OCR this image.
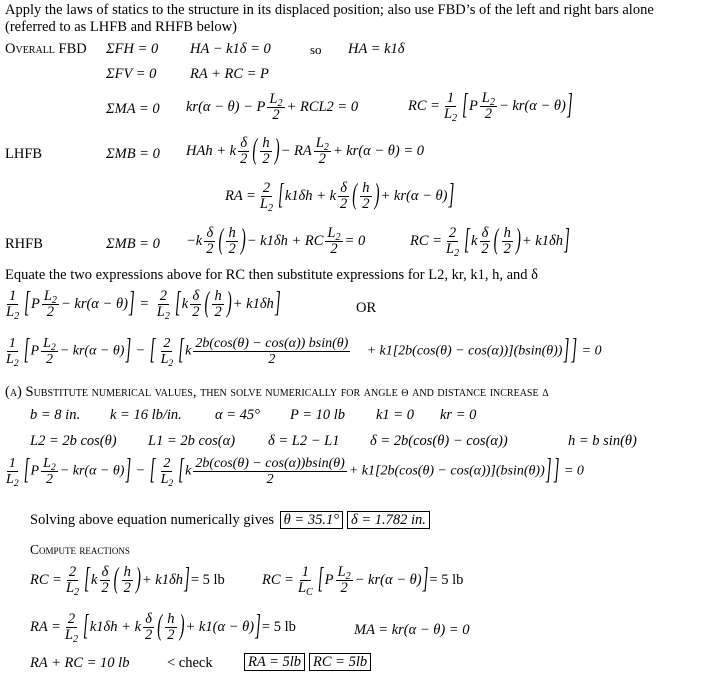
Apply the laws of statics to the structure in its displaced position; also use FBD’s of the left and right bars alone
(referred to as LHFB and RHFB below)
Overall FBD ΣFH = 0 HA − k1δ = 0	so HA = k1δ
ΣFV = 0 RA + RC = P
ΣMA = 0 kr(α − θ) − P $\frac{L_2}{2} + RCL2 = 0$	RC = $\frac{1}{L_2} [P \frac{L_2}{2} - kr(\alpha - \theta)]$
LHFB	ΣMB = 0 HAh + k $\frac{\delta}{2}$ ( $\frac{h}{2}$ )− RA $\frac{L_2}{2} + kr(\alpha - \theta) = 0$
RA = $\frac{2}{L_2} [k1\delta h + k \frac{\delta}{2}$ ( $\frac{h}{2}$ )+ kr(α − θ)]
RHFB	$\Sigma MB = 0 -k \frac{\delta}{2}$ ( $\frac{h}{2}$ )− k1δh + RC $\frac{L_2}{2} = 0$	RC = $\frac{2}{L_2} [k \frac{\delta}{2}$ ( $\frac{h}{2}$ )+ k1δh]
Equate the two expressions above for RC then substitute expressions for L2, kr, k1, h, and δ
$\frac{1}{L_2} [P \frac{L_2}{2} - kr(\alpha - \theta)] = \frac{2}{L_2} [k \frac{\delta}{2}$ ( $\frac{h}{2}$ )+ k1δh]	OR
$\frac{1}{L_2} [P \frac{L_2}{2} - kr(\alpha - \theta)]$ − [ $\frac{2}{L_2} [k \frac{2b(\cos(\theta) - \cos(\alpha)) bsin(\theta)}{2} + k1[2b(\cos(\theta) - \cos(\alpha))](bsin(\theta))]$ ] = 0
(a) Substitute numerical values, then solve numerically for angle θ and distance increase δ
b = 8 in. k = 16 lb/in. α = 45° P = 10 lb k1 = 0 kr = 0
L2 = 2b cos(θ) L1 = 2b cos(α) δ = L2 − L1 δ = 2b(cos(θ) − cos(α))	h = b sin(θ)
$\frac{1}{L_2} [P \frac{L_2}{2} - kr(\alpha - \theta)]$ − [ $\frac{2}{L_2} [k \frac{2b(\cos(\theta) - \cos(\alpha))bsin(\theta)}{2} + k1[2b(\cos(\theta) - \cos(\alpha))](bsin(\theta))]$ ] = 0
Solving above equation numerically gives θ = 35.1° δ = 1.782 in.
Compute reactions
RC = $\frac{2}{L_2} [k \frac{\delta}{2}$ ( $\frac{h}{2}$ )+ k1δh]= 5 lb	RC = $\frac{1}{L_C} [P \frac{L_2}{2} - kr(\alpha - \theta)]= 5$ lb
RA = $\frac{2}{L_2} [k1\delta h + k \frac{\delta}{2}$ ( $\frac{h}{2}$ )+ k1(α − θ)]= 5 lb	MA = kr(α − θ) = 0
RA + RC = 10 lb	< check	RA = 5lb RC = 5lb
